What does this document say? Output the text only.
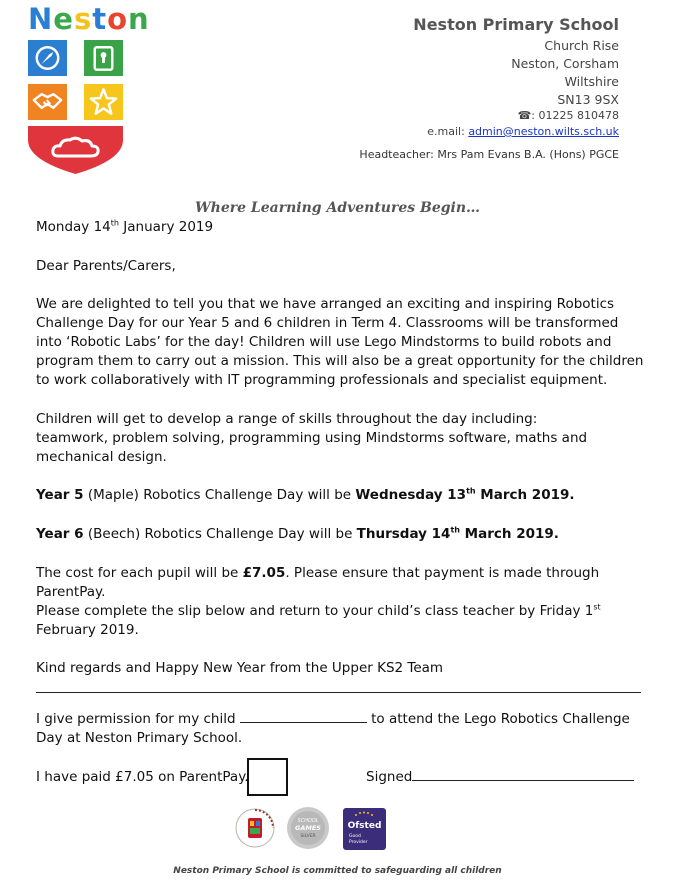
Neston	Neston Primary School
Church Rise
Neston, Corsham
Wiltshire
SN13 9SX
☎: 01225 810478
e.mail: admin@neston.wilts.sch.uk
Headteacher: Mrs Pam Evans B.A. (Hons) PGCE
Where Learning Adventures Begin…
Monday 14th January 2019
Dear Parents/Carers,
We are delighted to tell you that we have arranged an exciting and inspiring Robotics Challenge Day for our Year 5 and 6 children in Term 4. Classrooms will be transformed into ‘Robotic Labs’ for the day! Children will use Lego Mindstorms to build robots and program them to carry out a mission. This will also be a great opportunity for the children to work collaboratively with IT programming professionals and specialist equipment.
Children will get to develop a range of skills throughout the day including:
teamwork, problem solving, programming using Mindstorms software, maths and mechanical design.
Year 5 (Maple) Robotics Challenge Day will be Wednesday 13th March 2019.
Year 6 (Beech) Robotics Challenge Day will be Thursday 14th March 2019.
The cost for each pupil will be £7.05. Please ensure that payment is made through ParentPay.
Please complete the slip below and return to your child’s class teacher by Friday 1st February 2019.
Kind regards and Happy New Year from the Upper KS2 Team
I give permission for my child	to attend the Lego Robotics Challenge Day at Neston Primary School.
I have paid £7.05 on ParentPay.	Signed
SCHOOL
GAMES
SILVER
Ofsted
Good
Provider
Neston Primary School is committed to safeguarding all children
